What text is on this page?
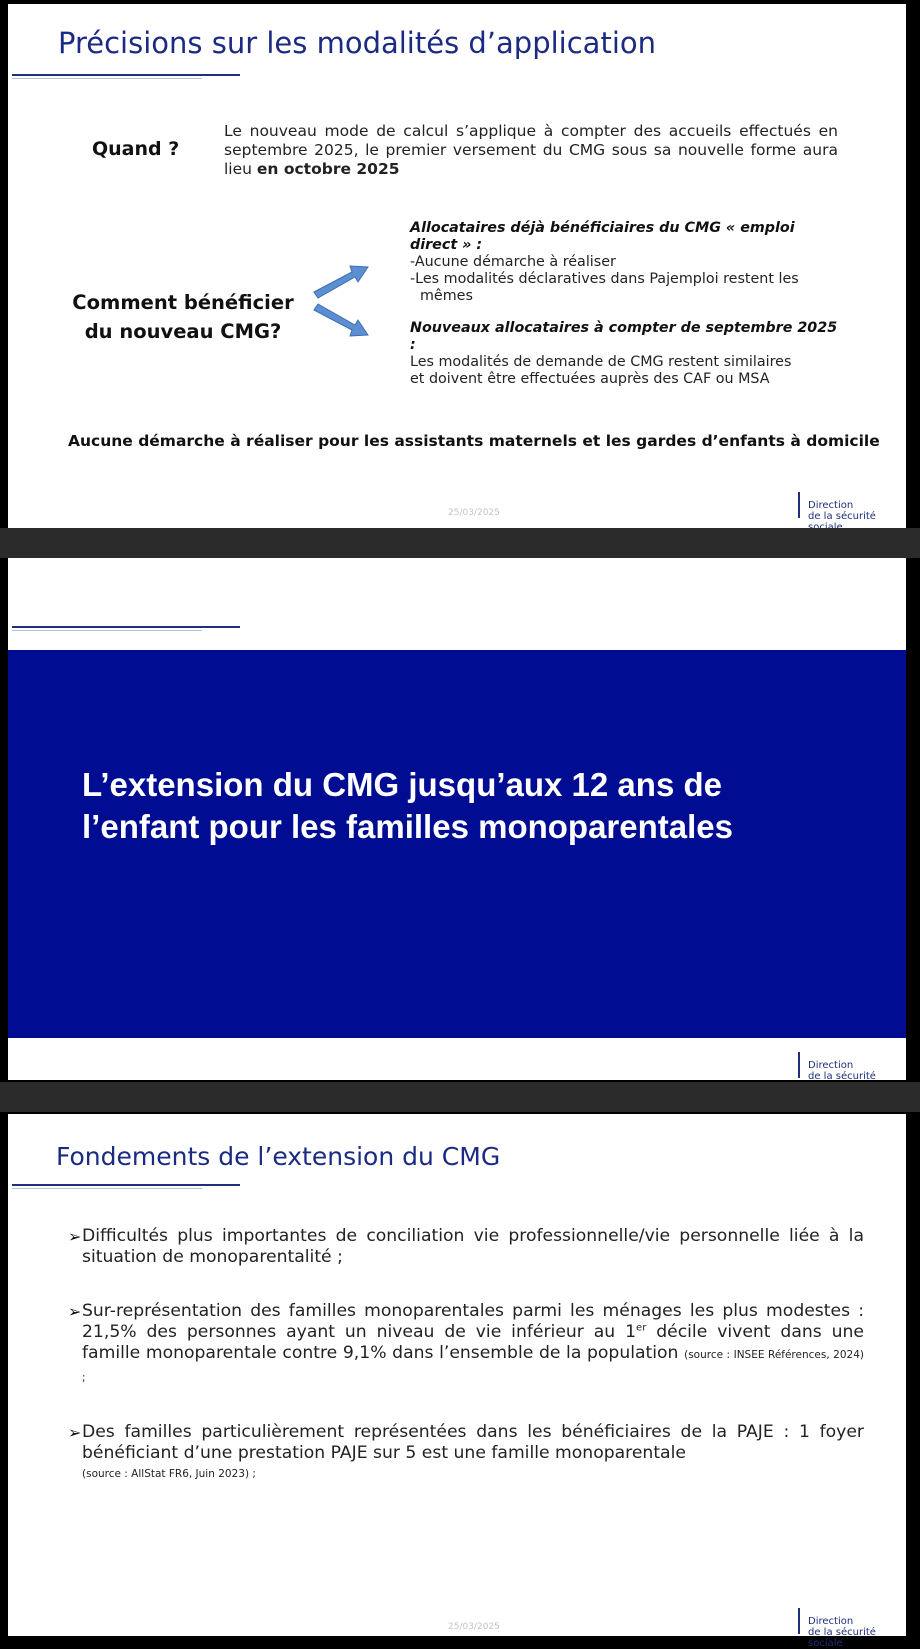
Précisions sur les modalités d’application
Quand ?
Le nouveau mode de calcul s’applique à compter des accueils effectués en septembre 2025, le premier versement du CMG sous sa nouvelle forme aura lieu en octobre 2025
Comment bénéficier
du nouveau CMG?
Allocataires déjà bénéficiaires du CMG « emploi direct » :
-Aucune démarche à réaliser
-Les modalités déclaratives dans Pajemploi restent les
mêmes
Nouveaux allocataires à compter de septembre 2025 :
Les modalités de demande de CMG restent similaires
et doivent être effectuées auprès des CAF ou MSA
Aucune démarche à réaliser pour les assistants maternels et les gardes d’enfants à domicile
25/03/2025
Direction
de la sécurité
L’extension du CMG jusqu’aux 12 ans de
l’enfant pour les familles monoparentales
Direction
de la sécurité
Fondements de l’extension du CMG
➢ Difficultés plus importantes de conciliation vie professionnelle/vie personnelle liée à la situation de monoparentalité ;
➢ Sur-représentation des familles monoparentales parmi les ménages les plus modestes : 21,5% des personnes ayant un niveau de vie inférieur au 1er décile vivent dans une famille monoparentale contre 9,1% dans l’ensemble de la population (source : INSEE Références, 2024) ;
➢ Des familles particulièrement représentées dans les bénéficiaires de la PAJE : 1 foyer bénéficiant d’une prestation PAJE sur 5 est une famille monoparentale
(source : AllStat FR6, Juin 2023) ;
25/03/2025	Direction
de la sécurité sociale
